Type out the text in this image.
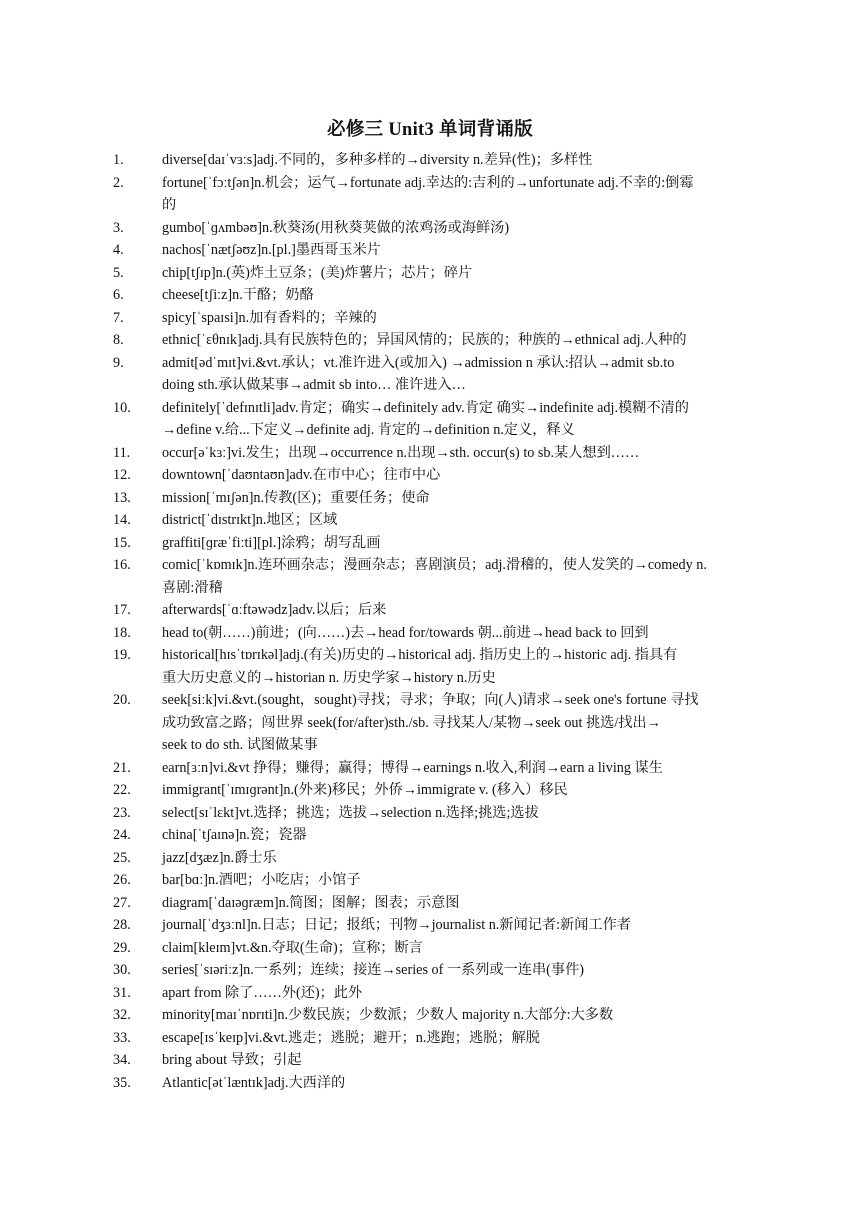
必修三 Unit3 单词背诵版
1.	diverse[daɪˈvɜːs]adj.不同的，多种多样的→diversity n.差异(性)；多样性
2.	fortune[ˈfɔːtʃən]n.机会；运气→fortunate adj.幸达的:吉利的→unfortunate adj.不幸的:倒霉
的
3.	gumbo[ˈɡʌmbəʊ]n.秋葵汤(用秋葵荚做的浓鸡汤或海鲜汤)
4.	nachos[ˈnætʃəʊz]n.[pl.]墨西哥玉米片
5.	chip[tʃɪp]n.(英)炸土豆条；(美)炸薯片；芯片；碎片
6.	cheese[tʃiːz]n.干酪；奶酪
7.	spicy[ˈspaɪsi]n.加有香料的；辛辣的
8.	ethnic[ˈɛθnɪk]adj.具有民族特色的；异国风情的；民族的；种族的→ethnical adj.人种的
9.	admit[ədˈmɪt]vi.&vt.承认；vt.准许进入(或加入) →admission n 承认:招认→admit sb.to
doing sth.承认做某事→admit sb into… 准许进入…
10.	definitely[ˈdefɪnɪtli]adv.肯定；确实→definitely adv.肯定 确实→indefinite adj.模糊不清的
→define v.给...下定义→definite adj. 肯定的→definition n.定义，释义
11.	occur[əˈkɜː]vi.发生；出现→occurrence n.出现→sth. occur(s) to sb.某人想到……
12.	downtown[ˈdaʊntaʊn]adv.在市中心；往市中心
13.	mission[ˈmɪʃən]n.传教(区)；重要任务；使命
14.	district[ˈdɪstrɪkt]n.地区；区域
15.	graffiti[ɡræˈfiːti][pl.]涂鸦；胡写乱画
16.	comic[ˈkɒmɪk]n.连环画杂志；漫画杂志；喜剧演员；adj.滑稽的，使人发笑的→comedy n.
喜剧:滑稽
17.	afterwards[ˈɑːftəwədz]adv.以后；后来
18.	head to(朝……)前进；(向……)去→head for/towards 朝...前进→head back to 回到
19.	historical[hɪsˈtɒrɪkəl]adj.(有关)历史的→historical adj. 指历史上的→historic adj. 指具有
重大历史意义的→historian n. 历史学家→history n.历史
20.	seek[siːk]vi.&vt.(sought，sought)寻找；寻求；争取；向(人)请求→seek one's fortune 寻找
成功致富之路；闯世界 seek(for/after)sth./sb. 寻找某人/某物→seek out 挑选/找出→
seek to do sth. 试图做某事
21.	earn[ɜːn]vi.&vt 挣得；赚得；赢得；博得→earnings n.收入,利润→earn a living 谋生
22.	immigrant[ˈɪmɪɡrənt]n.(外来)移民；外侨→immigrate v. (移入）移民
23.	select[sɪˈlɛkt]vt.选择；挑选；选拔→selection n.选择;挑选;选拔
24.	china[ˈtʃaɪnə]n.瓷；瓷器
25.	jazz[dʒæz]n.爵士乐
26.	bar[bɑː]n.酒吧；小吃店；小馆子
27.	diagram[ˈdaɪəɡræm]n.简图；图解；图表；示意图
28.	journal[ˈdʒɜːnl]n.日志；日记；报纸；刊物→journalist n.新闻记者:新闻工作者
29.	claim[kleɪm]vt.&n.夺取(生命)；宣称；断言
30.	series[ˈsɪəriːz]n.一系列；连续；接连→series of 一系列或一连串(事件)
31.	apart from 除了……外(还)；此外
32.	minority[maɪˈnɒrɪti]n.少数民族；少数派；少数人 majority n.大部分:大多数
33.	escape[ɪsˈkeɪp]vi.&vt.逃走；逃脱；避开；n.逃跑；逃脱；解脱
34.	bring about 导致；引起
35.	Atlantic[ətˈlæntɪk]adj.大西洋的
